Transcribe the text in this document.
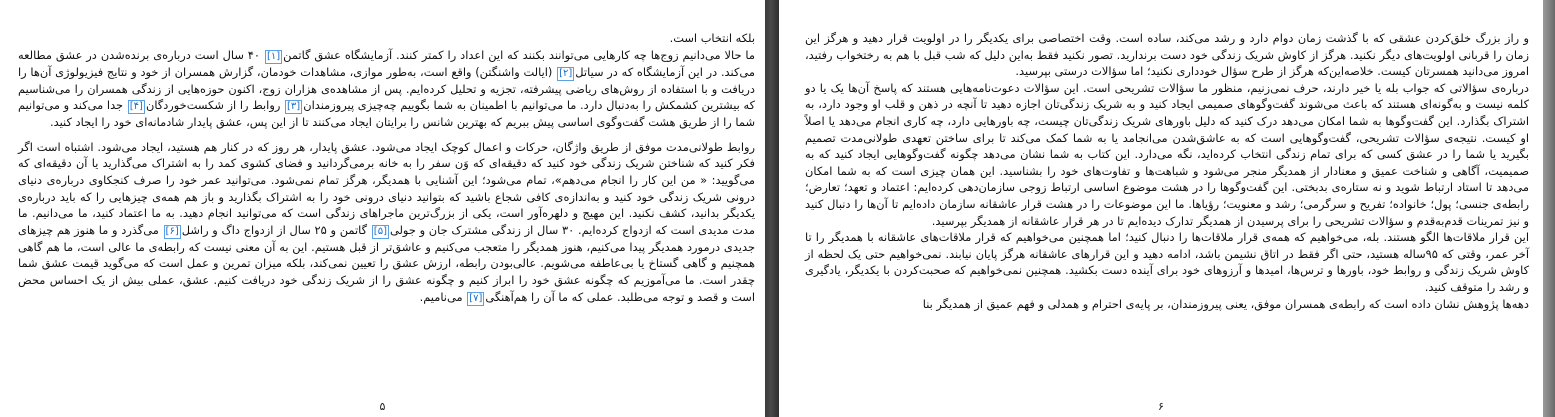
بلکه انتخاب است.

ما حالا می‌دانیم زوج‌ها چه کارهایی می‌توانند بکنند که این اعداد را کمتر کنند. آزمایشگاه عشق گاتمن[۱] ۴۰ سال است درباره‌ی برنده‌شدن در عشق مطالعه می‌کند. در این آزمایشگاه که در سیاتل[۲] (ایالت واشنگتن) واقع است، به‌طور موازی، مشاهدات خودمان، گزارش همسران از خود و نتایج فیزیولوژی آن‌ها را دریافت و با استفاده از روش‌های ریاضی پیشرفته، تجزیه و تحلیل کرده‌ایم. پس از مشاهده‌ی هزاران زوج، اکنون حوزه‌هایی از زندگی همسران را می‌شناسیم که بیشترین کشمکش را به‌دنبال دارد. ما می‌توانیم با اطمینان به شما بگوییم چه‌چیزی پیروزمندان[۳] روابط را از شکست‌خوردگان[۴] جدا می‌کند و می‌توانیم شما را از طریق هشت گفت‌وگوی اساسی پیش ببریم که بهترین شانس را برایتان ایجاد می‌کنند تا از این پس، عشق پایدار شادمانه‌ای خود را ایجاد کنید.

روابط طولانی‌مدت موفق از طریق واژگان، حرکات و اعمال کوچک ایجاد می‌شود. عشق پایدار، هر روز که در کنار هم هستید، ایجاد می‌شود. اشتباه است اگر فکر کنید که شناختن شریک زندگی خود کنید که دقیقه‌ای که وَن سفر را به خانه برمی‌گردانید و فضای کشوی کمد را به اشتراک می‌گذارید یا آن دقیقه‌ای که می‌گویید: « من این کار را انجام می‌دهم»، تمام می‌شود؛ این آشنایی با همدیگر، هرگز تمام نمی‌شود. می‌توانید عمر خود را صرف کنجکاوی درباره‌ی دنیای درونی شریک زندگی خود کنید و به‌اندازه‌ی کافی شجاع باشید که بتوانید دنیای درونی خود را به اشتراک بگذارید و باز هم همه‌ی چیزهایی را که باید درباره‌ی یکدیگر بدانید، کشف نکنید. این مهیج و دلهره‌آور است، یکی از بزرگ‌ترین ماجراهای زندگی است که می‌توانید انجام دهید. به ما اعتماد کنید، ما می‌دانیم. ما مدت مدیدی است که ازدواج کرده‌ایم. ۳۰ سال از زندگی مشترک جان و جولی[۵] گاتمن و ۲۵ سال از ازدواج داگ و راشل[۶] می‌گذرد و ما هنوز هم چیزهای جدیدی درمورد همدیگر پیدا می‌کنیم، هنوز همدیگر را متعجب می‌کنیم و عاشق‌تر از قبل هستیم. این به آن معنی نیست که رابطه‌ی ما عالی است، ما هم گاهی همچنیم و گاهی گستاخ یا بی‌عاطفه می‌شویم. عالی‌بودن رابطه، ارزش عشق را تعیین نمی‌کند، بلکه میزان تمرین و عمل است که می‌گوید قیمت عشق شما چقدر است. ما می‌آموزیم که چگونه عشق خود را ابراز کنیم و چگونه عشق را از شریک زندگی خود دریافت کنیم. عشق، عملی بیش از یک احساس محض است و قصد و توجه می‌طلبد. عملی که ما آن را هم‌آهنگی[۷] می‌نامیم.

۵

و راز بزرگ خلق‌کردن عشقی که با گذشت زمان دوام دارد و رشد می‌کند، ساده است. وقت اختصاصی برای یکدیگر را در اولویت قرار دهید و هرگز این زمان را قربانی اولویت‌های دیگر نکنید. هرگز از کاوش شریک زندگی خود دست برندارید. تصور نکنید فقط به‌این دلیل که شب قبل با هم به رختخواب رفتید، امروز می‌دانید همسرتان کیست. خلاصه‌این‌که هرگز از طرح سؤال خودداری نکنید؛ اما سؤالات درستی بپرسید.

درباره‌ی سؤالاتی که جواب بله یا خیر دارند، حرف نمی‌زنیم، منظور ما سؤالات تشریحی است. این سؤالات دعوت‌نامه‌هایی هستند که پاسخ آن‌ها یک یا دو کلمه نیست و به‌گونه‌ای هستند که باعث می‌شوند گفت‌وگوهای صمیمی ایجاد کنید و به شریک زندگی‌تان اجازه دهید تا آنچه در ذهن و قلب او وجود دارد، به اشتراک بگذارد. این گفت‌وگوها به شما امکان می‌دهد درک کنید که دلیل باورهای شریک زندگی‌تان چیست، چه باورهایی دارد، چه کاری انجام می‌دهد یا اصلاً او کیست. نتیجه‌ی سؤالات تشریحی، گفت‌وگوهایی است که به عاشق‌شدن می‌انجامد یا به شما کمک می‌کند تا برای ساختن تعهدی طولانی‌مدت تصمیم بگیرید یا شما را در عشق کسی که برای تمام زندگی انتخاب کرده‌اید، نگه می‌دارد. این کتاب به شما نشان می‌دهد چگونه گفت‌وگوهایی ایجاد کنید که به صمیمیت، آگاهی و شناخت عمیق و معنادار از همدیگر منجر می‌شود و شباهت‌ها و تفاوت‌های خود را بشناسید. این همان چیزی است که به شما امکان می‌دهد تا استاد ارتباط شوید و نه ستاره‌ی بدبختی. این گفت‌وگوها را در هشت موضوع اساسی ارتباط زوجی سازمان‌دهی کرده‌ایم: اعتماد و تعهد؛ تعارض؛ رابطه‌ی جنسی؛ پول؛ خانواده؛ تفریح و سرگرمی؛ رشد و معنویت؛ رؤیاها. ما این موضوعات را در هشت قرار عاشقانه سازمان داده‌ایم تا آن‌ها را دنبال کنید و نیز تمرینات قدم‌به‌قدم و سؤالات تشریحی را برای پرسیدن از همدیگر تدارک دیده‌ایم تا در هر قرار عاشقانه از همدیگر بپرسید.

این قرار ملاقات‌ها الگو هستند. بله، می‌خواهیم که همه‌ی قرار ملاقات‌ها را دنبال کنید؛ اما همچنین می‌خواهیم که قرار ملاقات‌های عاشقانه با همدیگر را تا آخر عمر، وقتی که ۹۵ساله هستید، حتی اگر فقط در اتاق نشیمن باشد، ادامه دهید و این قرارهای عاشقانه هرگز پایان نیابند. نمی‌خواهیم حتی یک لحظه از کاوش شریک زندگی و روابط خود، باورها و ترس‌ها، امیدها و آرزوهای خود برای آینده دست بکشید. همچنین نمی‌خواهیم که صحبت‌کردن با یکدیگر، یادگیری و رشد را متوقف کنید.

دهه‌ها پژوهش نشان داده است که رابطه‌ی همسران موفق، یعنی پیروزمندان، بر پایه‌ی احترام و همدلی و فهم عمیق از همدیگر بنا

۶
